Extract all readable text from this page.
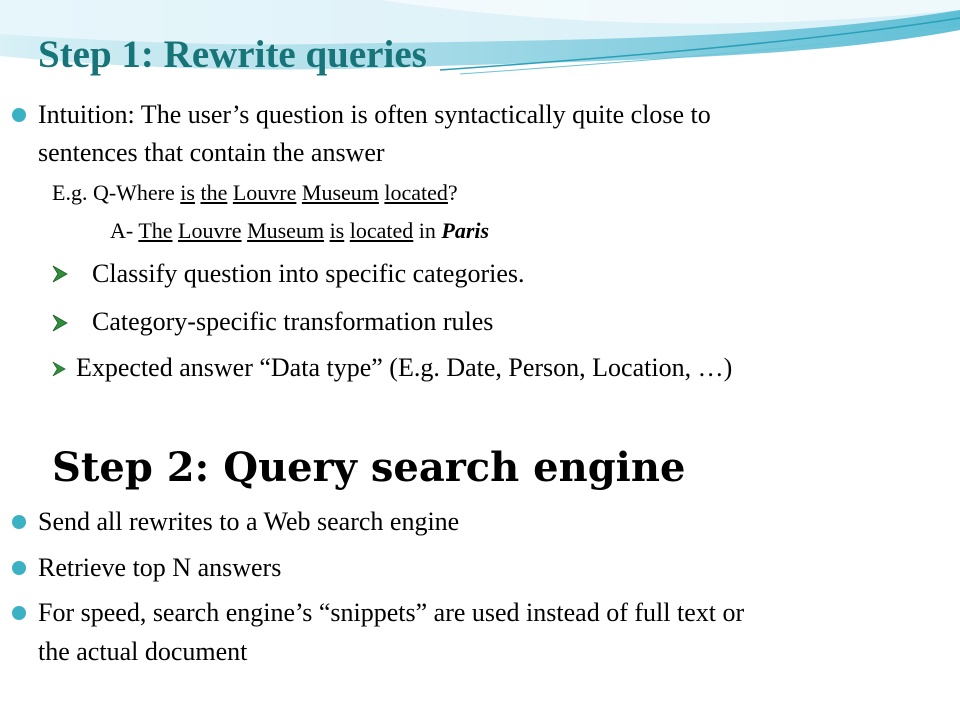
Step 1: Rewrite queries
Intuition: The user’s question is often syntactically quite close to
sentences that contain the answer
E.g. Q-Where is the Louvre Museum located?
A- The Louvre Museum is located in Paris
Classify question into specific categories.
Category-specific transformation rules
Expected answer “Data type” (E.g. Date, Person, Location, …)
Step 2: Query search engine
Send all rewrites to a Web search engine
Retrieve top N answers
For speed, search engine’s “snippets” are used instead of full text or
the actual document
